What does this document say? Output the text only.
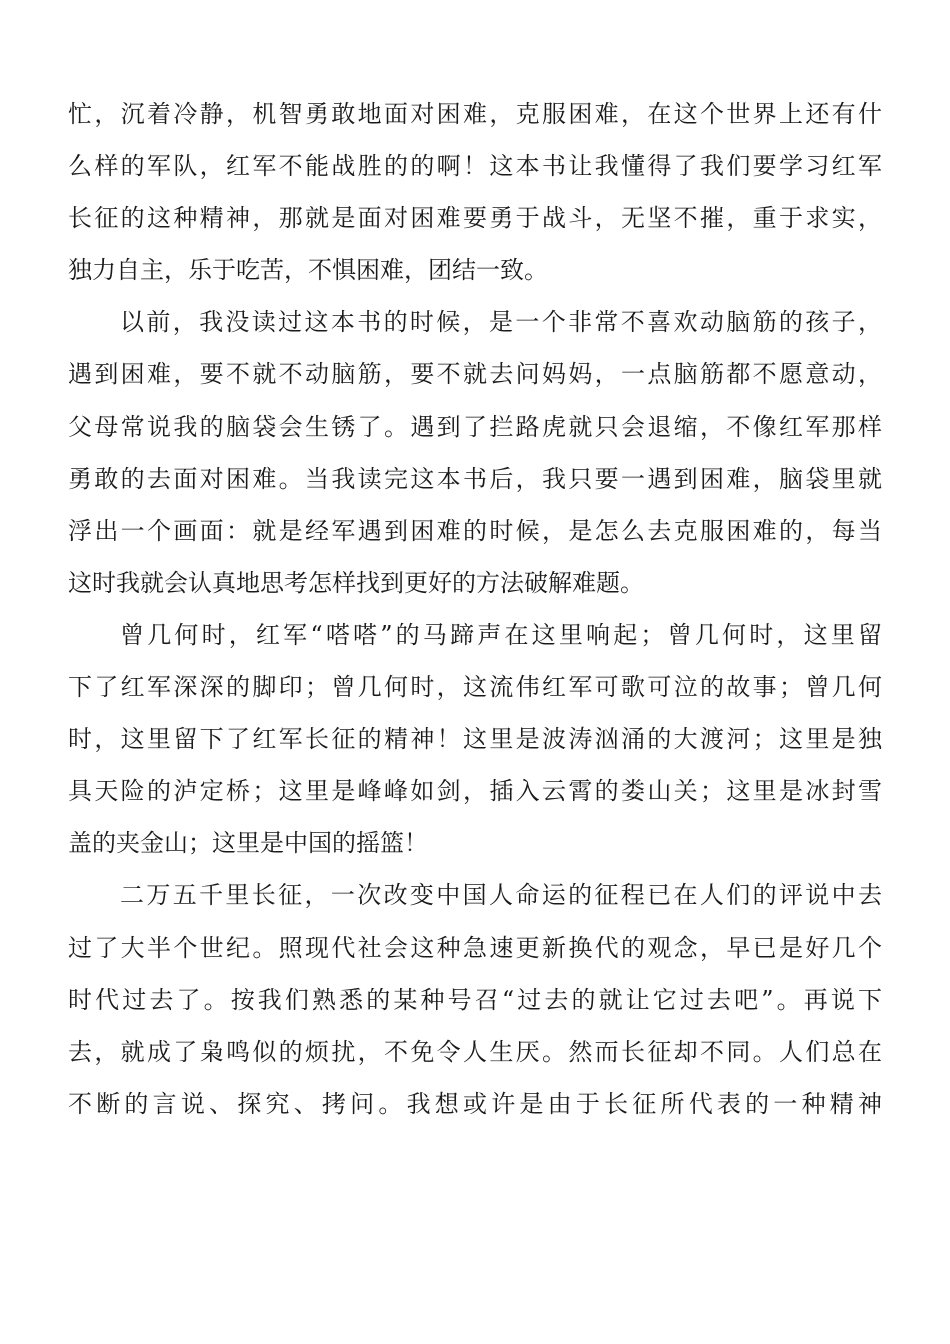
忙，沉着冷静，机智勇敢地面对困难，克服困难，在这个世界上还有什
么样的军队，红军不能战胜的的啊！这本书让我懂得了我们要学习红军
长征的这种精神，那就是面对困难要勇于战斗，无坚不摧，重于求实，
独力自主，乐于吃苦，不惧困难，团结一致。
以前，我没读过这本书的时候，是一个非常不喜欢动脑筋的孩子，
遇到困难，要不就不动脑筋，要不就去问妈妈，一点脑筋都不愿意动，
父母常说我的脑袋会生锈了。遇到了拦路虎就只会退缩，不像红军那样
勇敢的去面对困难。当我读完这本书后，我只要一遇到困难，脑袋里就
浮出一个画面：就是经军遇到困难的时候，是怎么去克服困难的，每当
这时我就会认真地思考怎样找到更好的方法破解难题。
曾几何时，红军“嗒嗒”的马蹄声在这里响起；曾几何时，这里留
下了红军深深的脚印；曾几何时，这流伟红军可歌可泣的故事；曾几何
时，这里留下了红军长征的精神！这里是波涛汹涌的大渡河；这里是独
具天险的泸定桥；这里是峰峰如剑，插入云霄的娄山关；这里是冰封雪
盖的夹金山；这里是中国的摇篮！
二万五千里长征，一次改变中国人命运的征程已在人们的评说中去
过了大半个世纪。照现代社会这种急速更新换代的观念，早已是好几个
时代过去了。按我们熟悉的某种号召“过去的就让它过去吧”。再说下
去，就成了枭鸣似的烦扰，不免令人生厌。然而长征却不同。人们总在
不断的言说、探究、拷问。我想或许是由于长征所代表的一种精神
